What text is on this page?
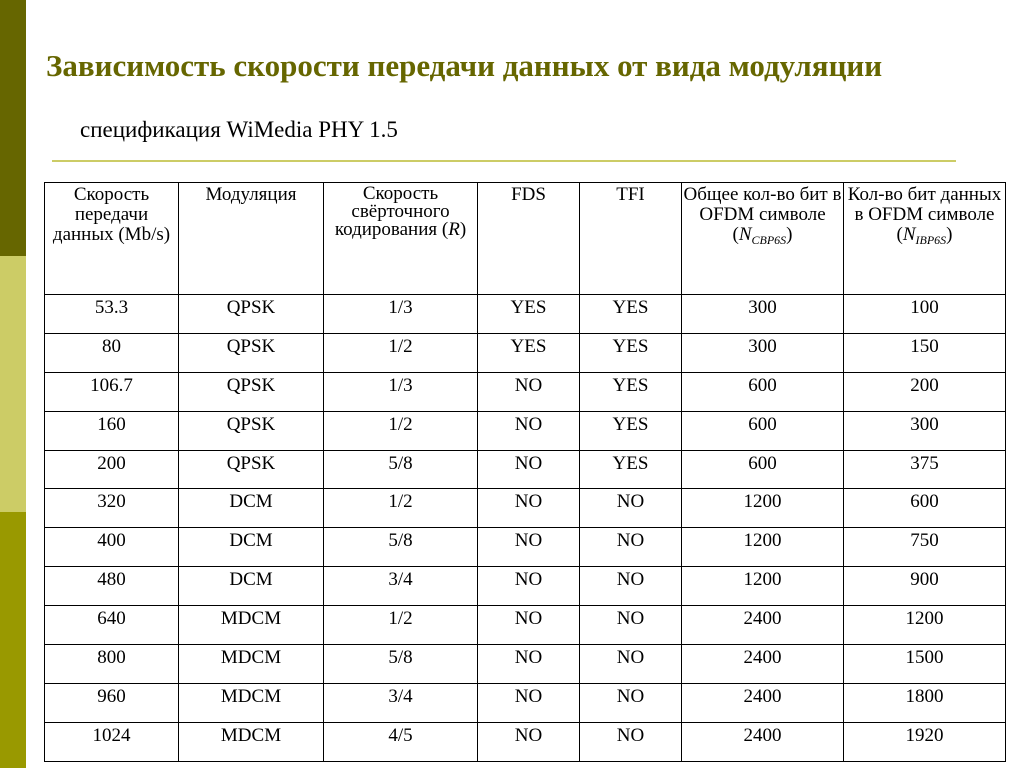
Зависимость скорости передачи данных от вида модуляции
спецификация WiMedia PHY 1.5
Скорость передачи данных (Mb/s)	Модуляция	Скорость свёрточного кодирования (R)	FDS	TFI	Общее кол-во бит в OFDM символе $(N_{CBP6S})$	Кол-во бит данных в OFDM символе $(N_{IBP6S})$
53.3	QPSK	1/3	YES	YES	300	100
80	QPSK	1/2	YES	YES	300	150
106.7	QPSK	1/3	NO	YES	600	200
160	QPSK	1/2	NO	YES	600	300
200	QPSK	5/8	NO	YES	600	375
320	DCM	1/2	NO	NO	1200	600
400	DCM	5/8	NO	NO	1200	750
480	DCM	3/4	NO	NO	1200	900
640	MDCM	1/2	NO	NO	2400	1200
800	MDCM	5/8	NO	NO	2400	1500
960	MDCM	3/4	NO	NO	2400	1800
1024	MDCM	4/5	NO	NO	2400	1920
